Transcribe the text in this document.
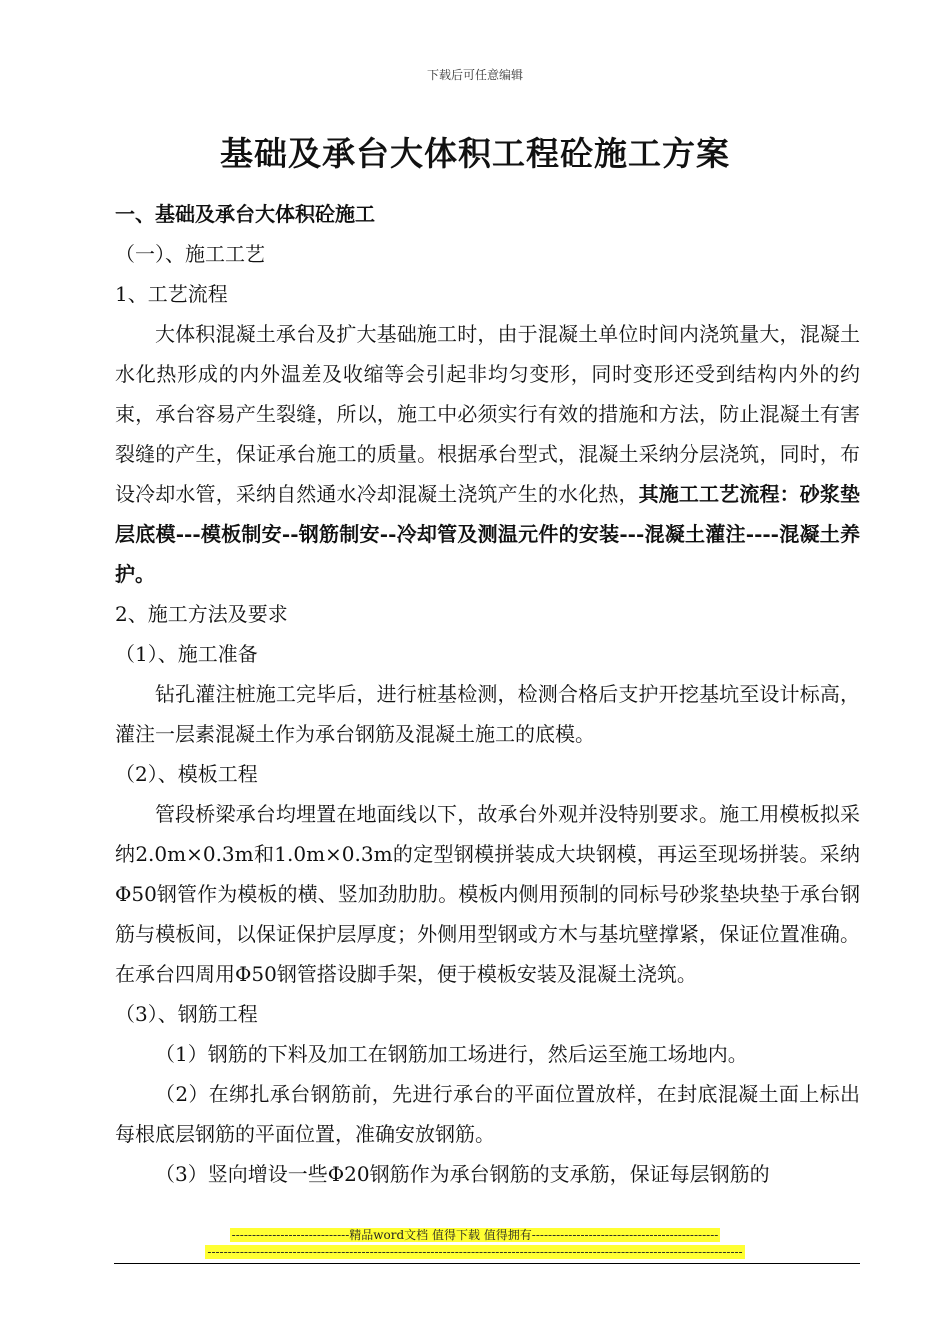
下载后可任意编辑
基础及承台大体积工程砼施工方案

一、基础及承台大体积砼施工

（一）、施工工艺

1、工艺流程

大体积混凝土承台及扩大基础施工时，由于混凝土单位时间内浇筑量大，混凝土水化热形成的内外温差及收缩等会引起非均匀变形，同时变形还受到结构内外的约束，承台容易产生裂缝，所以，施工中必须实行有效的措施和方法，防止混凝土有害裂缝的产生，保证承台施工的质量。根据承台型式，混凝土采纳分层浇筑，同时，布设冷却水管，采纳自然通水冷却混凝土浇筑产生的水化热，其施工工艺流程：砂浆垫层底模---模板制安--钢筋制安--冷却管及测温元件的安装---混凝土灌注----混凝土养护。

2、施工方法及要求

（1）、施工准备

钻孔灌注桩施工完毕后，进行桩基检测，检测合格后支护开挖基坑至设计标高，灌注一层素混凝土作为承台钢筋及混凝土施工的底模。

（2）、模板工程

管段桥梁承台均埋置在地面线以下，故承台外观并没特别要求。施工用模板拟采纳2.0m×0.3m和1.0m×0.3m的定型钢模拼装成大块钢模，再运至现场拼装。采纳Φ50钢管作为模板的横、竖加劲肋肋。模板内侧用预制的同标号砂浆垫块垫于承台钢筋与模板间，以保证保护层厚度；外侧用型钢或方木与基坑壁撑紧，保证位置准确。在承台四周用Φ50钢管搭设脚手架，便于模板安装及混凝土浇筑。

（3）、钢筋工程

（1）钢筋的下料及加工在钢筋加工场进行，然后运至施工场地内。

（2）在绑扎承台钢筋前，先进行承台的平面位置放样，在封底混凝土面上标出每根底层钢筋的平面位置，准确安放钢筋。

（3）竖向增设一些Φ20钢筋作为承台钢筋的支承筋，保证每层钢筋的

-----------------------------精品word文档 值得下载 值得拥有----------------------------------------------
------------------------------------------------------------------------------------------------------------------------------------
